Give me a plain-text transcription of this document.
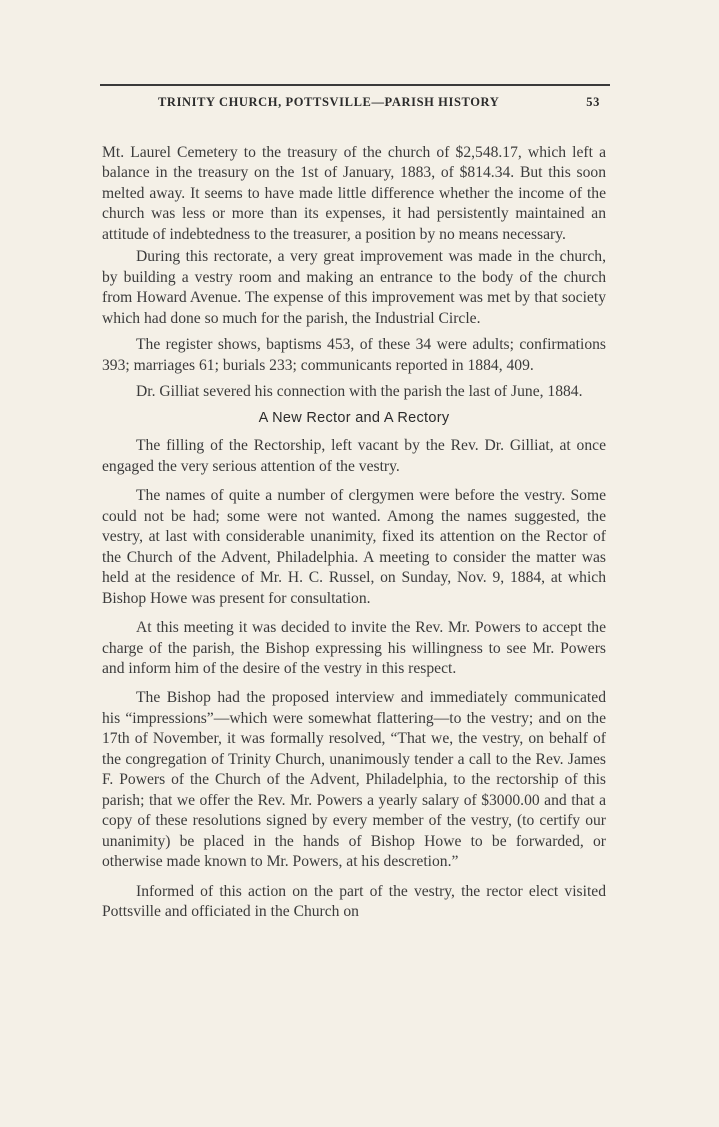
TRINITY CHURCH, POTTSVILLE—PARISH HISTORY	53

Mt. Laurel Cemetery to the treasury of the church of $2,548.17, which left a balance in the treasury on the 1st of January, 1883, of $814.34. But this soon melted away. It seems to have made little difference whether the income of the church was less or more than its expenses, it had persistently maintained an attitude of indebtedness to the treasurer, a position by no means necessary.

During this rectorate, a very great improvement was made in the church, by building a vestry room and making an entrance to the body of the church from Howard Avenue. The expense of this improvement was met by that society which had done so much for the parish, the Industrial Circle.

The register shows, baptisms 453, of these 34 were adults; confirmations 393; marriages 61; burials 233; communicants reported in 1884, 409.

Dr. Gilliat severed his connection with the parish the last of June, 1884.

A New Rector and A Rectory

The filling of the Rectorship, left vacant by the Rev. Dr. Gilliat, at once engaged the very serious attention of the vestry.

The names of quite a number of clergymen were before the vestry. Some could not be had; some were not wanted. Among the names suggested, the vestry, at last with considerable unanimity, fixed its attention on the Rector of the Church of the Advent, Philadelphia. A meeting to consider the matter was held at the residence of Mr. H. C. Russel, on Sunday, Nov. 9, 1884, at which Bishop Howe was present for consultation.

At this meeting it was decided to invite the Rev. Mr. Powers to accept the charge of the parish, the Bishop expressing his willingness to see Mr. Powers and inform him of the desire of the vestry in this respect.

The Bishop had the proposed interview and immediately communicated his “impressions”—which were somewhat flattering—to the vestry; and on the 17th of November, it was formally resolved, “That we, the vestry, on behalf of the congregation of Trinity Church, unanimously tender a call to the Rev. James F. Powers of the Church of the Advent, Philadelphia, to the rectorship of this parish; that we offer the Rev. Mr. Powers a yearly salary of $3000.00 and that a copy of these resolutions signed by every member of the vestry, (to certify our unanimity) be placed in the hands of Bishop Howe to be forwarded, or otherwise made known to Mr. Powers, at his descretion.”

Informed of this action on the part of the vestry, the rector elect visited Pottsville and officiated in the Church on
